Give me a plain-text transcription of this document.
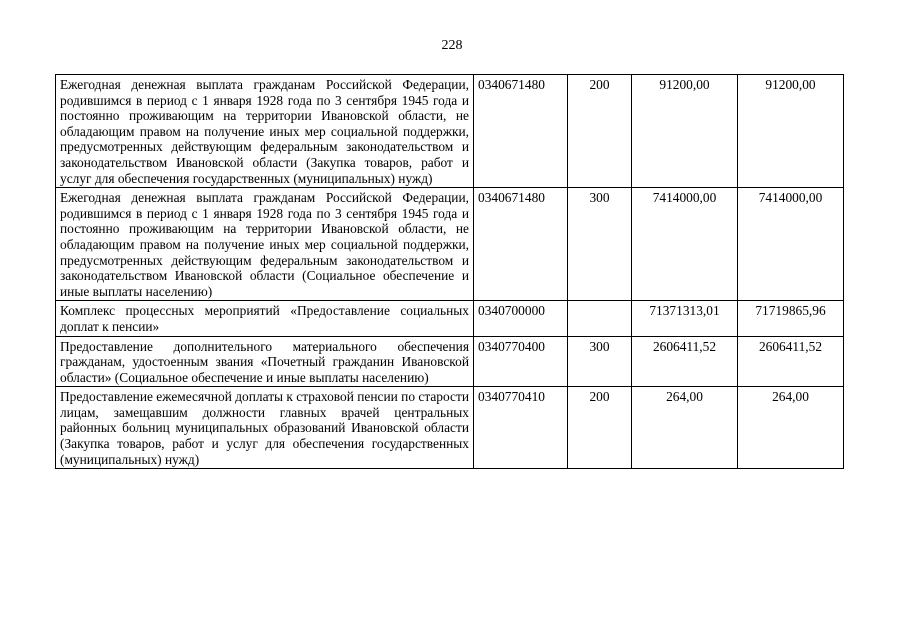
228
Ежегодная денежная выплата гражданам Российской Федерации, родившимся в период с 1 января 1928 года по 3 сентября 1945 года и постоянно проживающим на территории Ивановской области, не обладающим правом на получение иных мер социальной поддержки, предусмотренных действующим федеральным законодательством и законодательством Ивановской области (Закупка товаров, работ и услуг для обеспечения государственных (муниципальных) нужд)	0340671480	200	91200,00	91200,00
Ежегодная денежная выплата гражданам Российской Федерации, родившимся в период с 1 января 1928 года по 3 сентября 1945 года и постоянно проживающим на территории Ивановской области, не обладающим правом на получение иных мер социальной поддержки, предусмотренных действующим федеральным законодательством и законодательством Ивановской области (Социальное обеспечение и иные выплаты населению)	0340671480	300	7414000,00	7414000,00
Комплекс процессных мероприятий «Предоставление социальных доплат к пенсии»	0340700000		71371313,01	71719865,96
Предоставление дополнительного материального обеспечения гражданам, удостоенным звания «Почетный гражданин Ивановской области» (Социальное обеспечение и иные выплаты населению)	0340770400	300	2606411,52	2606411,52
Предоставление ежемесячной доплаты к страховой пенсии по старости лицам, замещавшим должности главных врачей центральных районных больниц муниципальных образований Ивановской области (Закупка товаров, работ и услуг для обеспечения государственных (муниципальных) нужд)	0340770410	200	264,00	264,00
